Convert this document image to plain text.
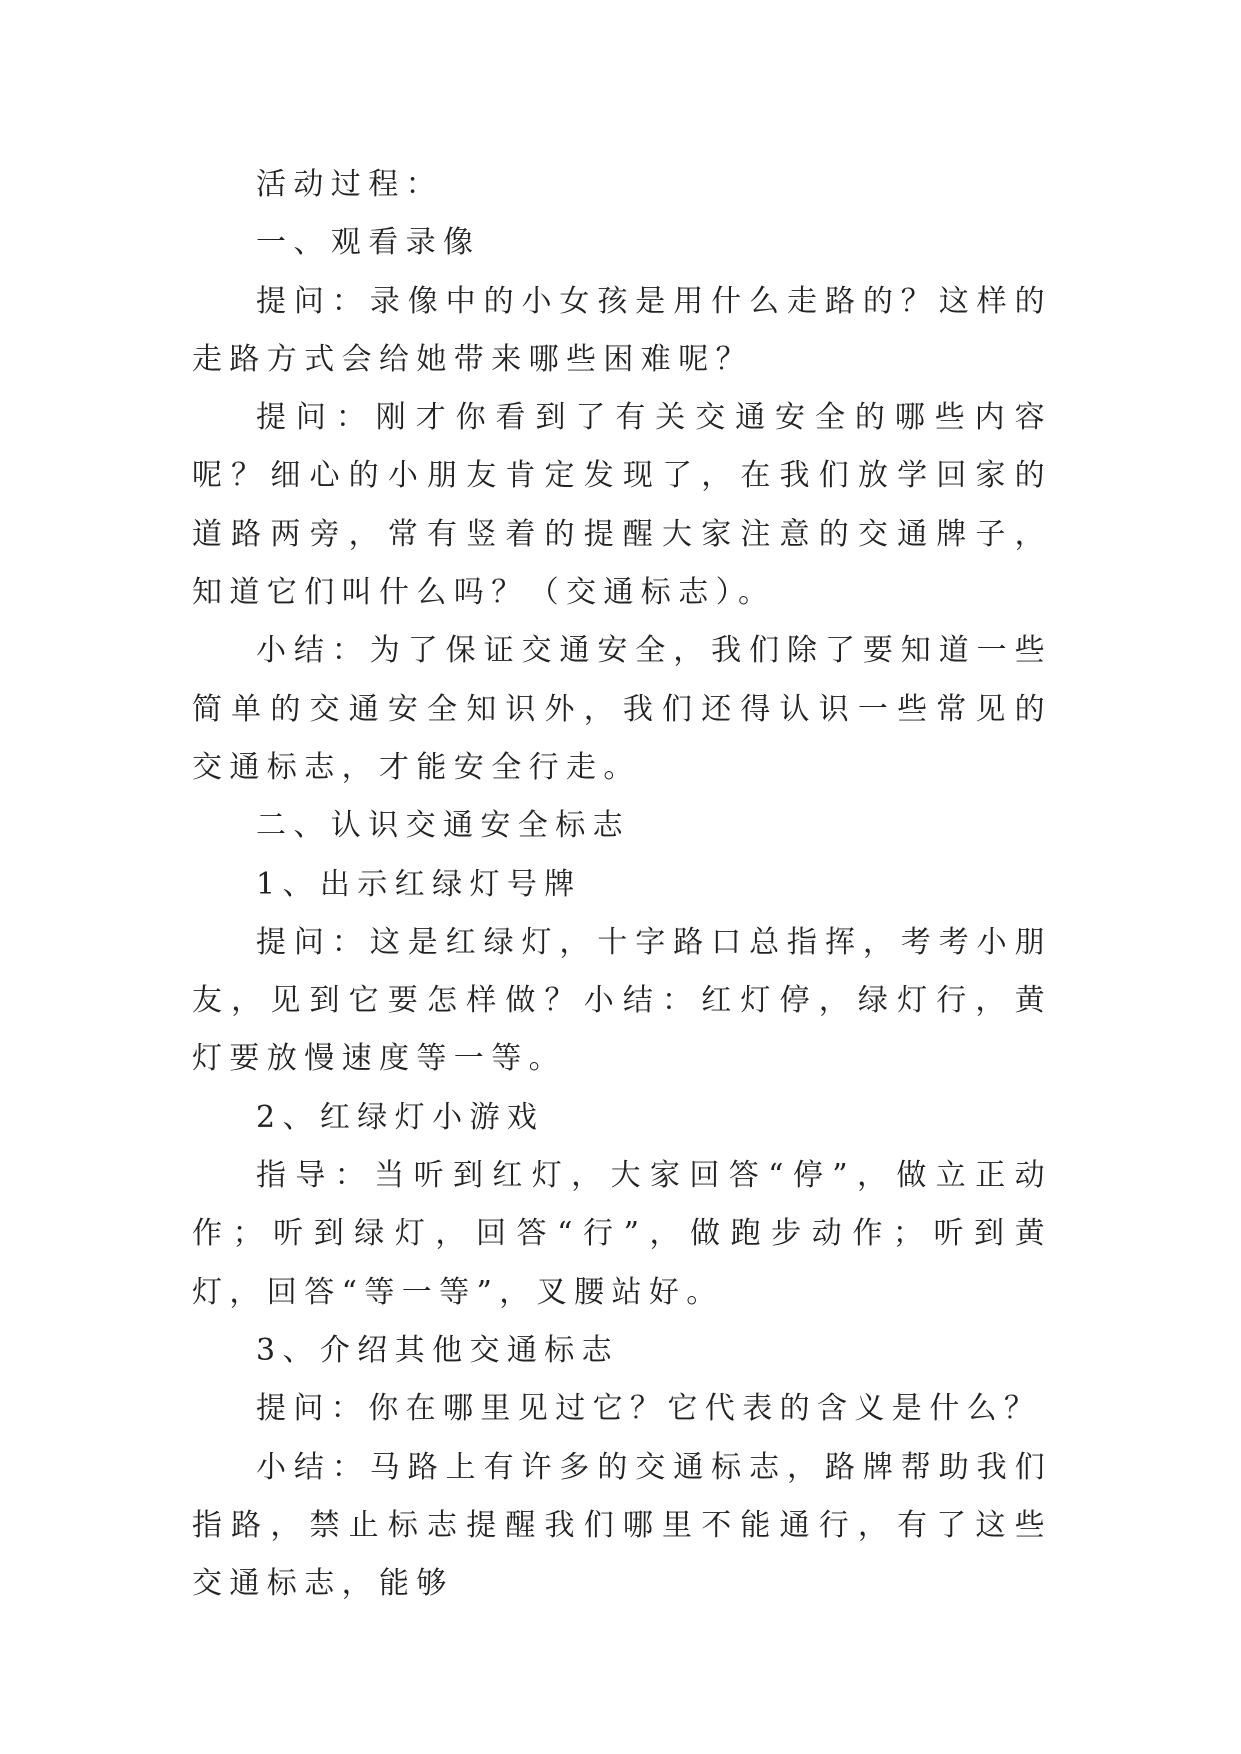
活动过程：

一、观看录像

提问：录像中的小女孩是用什么走路的？这样的走路方式会给她带来哪些困难呢？

提问：刚才你看到了有关交通安全的哪些内容呢？细心的小朋友肯定发现了，在我们放学回家的道路两旁，常有竖着的提醒大家注意的交通牌子，知道它们叫什么吗？（交通标志）。

小结：为了保证交通安全，我们除了要知道一些简单的交通安全知识外，我们还得认识一些常见的交通标志，才能安全行走。

二、认识交通安全标志

1、出示红绿灯号牌

提问：这是红绿灯，十字路口总指挥，考考小朋友，见到它要怎样做？小结：红灯停，绿灯行，黄灯要放慢速度等一等。

2、红绿灯小游戏

指导：当听到红灯，大家回答“停”，做立正动作；听到绿灯，回答“行”，做跑步动作；听到黄灯，回答“等一等”，叉腰站好。

3、介绍其他交通标志

提问：你在哪里见过它？它代表的含义是什么？

小结：马路上有许多的交通标志，路牌帮助我们指路，禁止标志提醒我们哪里不能通行，有了这些交通标志，能够
